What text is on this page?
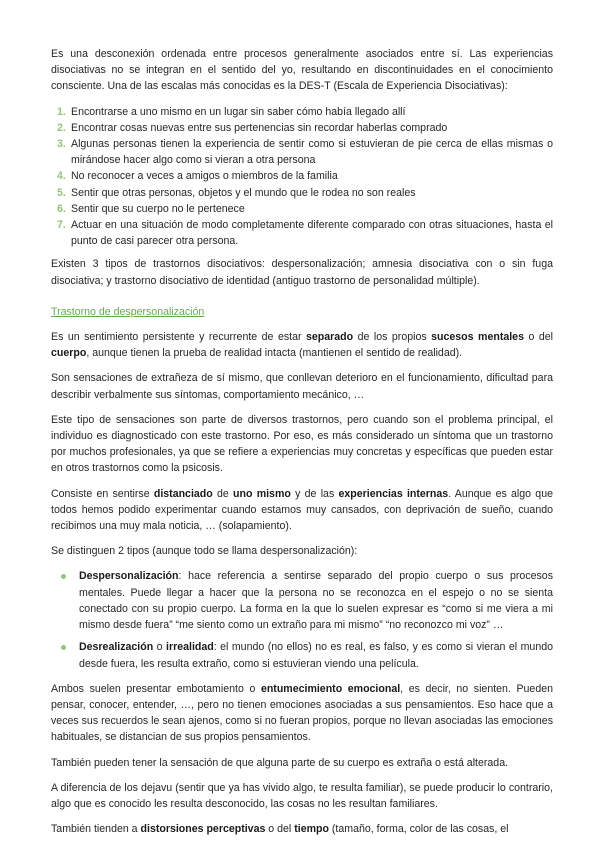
Es una desconexión ordenada entre procesos generalmente asociados entre sí. Las experiencias disociativas no se integran en el sentido del yo, resultando en discontinuidades en el conocimiento consciente. Una de las escalas más conocidas es la DES-T (Escala de Experiencia Disociativas):

1. Encontrarse a uno mismo en un lugar sin saber cómo había llegado allí
2. Encontrar cosas nuevas entre sus pertenencias sin recordar haberlas comprado
3. Algunas personas tienen la experiencia de sentir como si estuvieran de pie cerca de ellas mismas o mirándose hacer algo como si vieran a otra persona
4. No reconocer a veces a amigos o miembros de la familia
5. Sentir que otras personas, objetos y el mundo que le rodea no son reales
6. Sentir que su cuerpo no le pertenece
7. Actuar en una situación de modo completamente diferente comparado con otras situaciones, hasta el punto de casi parecer otra persona.

Existen 3 tipos de trastornos disociativos: despersonalización; amnesia disociativa con o sin fuga disociativa; y trastorno disociativo de identidad (antiguo trastorno de personalidad múltiple).

Trastorno de despersonalización

Es un sentimiento persistente y recurrente de estar separado de los propios sucesos mentales o del cuerpo, aunque tienen la prueba de realidad intacta (mantienen el sentido de realidad).

Son sensaciones de extrañeza de sí mismo, que conllevan deterioro en el funcionamiento, dificultad para describir verbalmente sus síntomas, comportamiento mecánico, …

Este tipo de sensaciones son parte de diversos trastornos, pero cuando son el problema principal, el individuo es diagnosticado con este trastorno. Por eso, es más considerado un síntoma que un trastorno por muchos profesionales, ya que se refiere a experiencias muy concretas y específicas que pueden estar en otros trastornos como la psicosis.

Consiste en sentirse distanciado de uno mismo y de las experiencias internas. Aunque es algo que todos hemos podido experimentar cuando estamos muy cansados, con deprivación de sueño, cuando recibimos una muy mala noticia, … (solapamiento).

Se distinguen 2 tipos (aunque todo se llama despersonalización):

Despersonalización: hace referencia a sentirse separado del propio cuerpo o sus procesos mentales. Puede llegar a hacer que la persona no se reconozca en el espejo o no se sienta conectado con su propio cuerpo. La forma en la que lo suelen expresar es “como si me viera a mi mismo desde fuera” “me siento como un extraño para mi mismo” “no reconozco mi voz” …
Desrealización o irrealidad: el mundo (no ellos) no es real, es falso, y es como si vieran el mundo desde fuera, les resulta extraño, como si estuvieran viendo una película.

Ambos suelen presentar embotamiento o entumecimiento emocional, es decir, no sienten. Pueden pensar, conocer, entender, …, pero no tienen emociones asociadas a sus pensamientos. Eso hace que a veces sus recuerdos le sean ajenos, como si no fueran propios, porque no llevan asociadas las emociones habituales, se distancian de sus propios pensamientos.

También pueden tener la sensación de que alguna parte de su cuerpo es extraña o está alterada.

A diferencia de los dejavu (sentir que ya has vivido algo, te resulta familiar), se puede producir lo contrario, algo que es conocido les resulta desconocido, las cosas no les resultan familiares.

También tienden a distorsiones perceptivas o del tiempo (tamaño, forma, color de las cosas, el
